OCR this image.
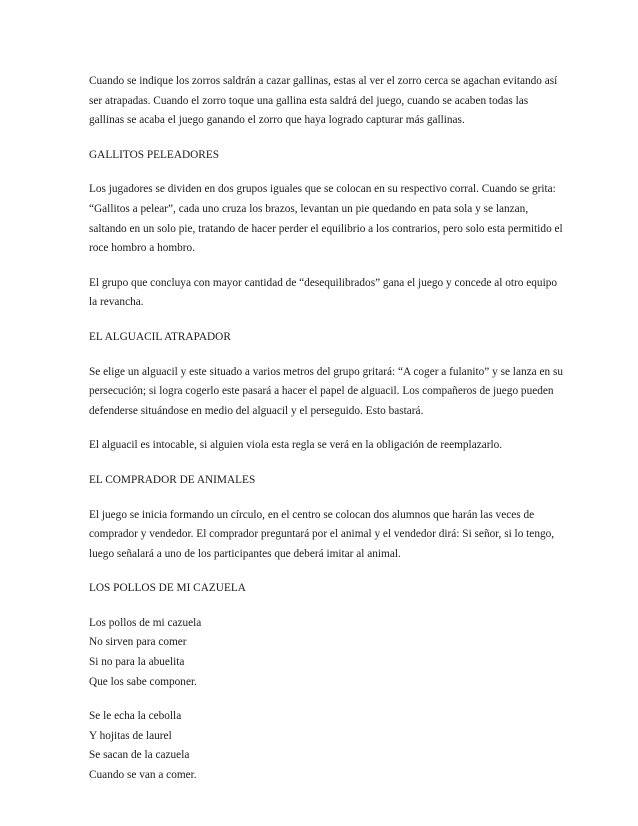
Cuando se indique los zorros saldrán a cazar gallinas, estas al ver el zorro cerca se agachan evitando así
ser atrapadas. Cuando el zorro toque una gallina esta saldrá del juego, cuando se acaben todas las
gallinas se acaba el juego ganando el zorro que haya logrado capturar más gallinas.

GALLITOS PELEADORES

Los jugadores se dividen en dos grupos iguales que se colocan en su respectivo corral. Cuando se grita:
“Gallitos a pelear”, cada uno cruza los brazos, levantan un pie quedando en pata sola y se lanzan,
saltando en un solo pie, tratando de hacer perder el equilibrio a los contrarios, pero solo esta permitido el
roce hombro a hombro.

El grupo que concluya con mayor cantidad de “desequilibrados” gana el juego y concede al otro equipo
la revancha.

EL ALGUACIL ATRAPADOR

Se elige un alguacil y este situado a varios metros del grupo gritará: “A coger a fulanito” y se lanza en su
persecución; si logra cogerlo este pasará a hacer el papel de alguacil. Los compañeros de juego pueden
defenderse situándose en medio del alguacil y el perseguido. Esto bastará.

El alguacil es intocable, si alguien viola esta regla se verá en la obligación de reemplazarlo.

EL COMPRADOR DE ANIMALES

El juego se inicia formando un círculo, en el centro se colocan dos alumnos que harán las veces de
comprador y vendedor. El comprador preguntará por el animal y el vendedor dirá: Si señor, si lo tengo,
luego señalará a uno de los participantes que deberá imitar al animal.

LOS POLLOS DE MI CAZUELA

Los pollos de mi cazuela
No sirven para comer
Si no para la abuelita
Que los sabe componer.

Se le echa la cebolla
Y hojitas de laurel
Se sacan de la cazuela
Cuando se van a comer.
